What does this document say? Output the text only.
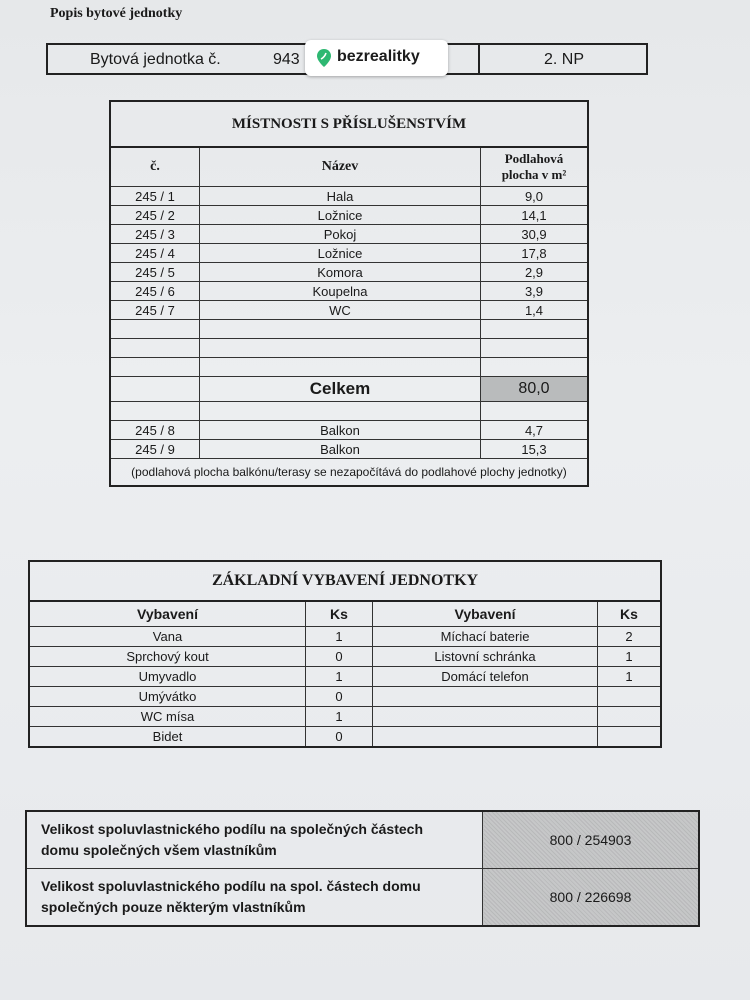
Popis bytové jednotky
Bytová jednotka č.	943	2. NP
bezrealitky
MÍSTNOSTI S PŘÍSLUŠENSTVÍM		
č.	Název	Podlahová
plocha v m²

245 / 1	Hala	9,0
245 / 2	Ložnice	14,1
245 / 3	Pokoj	30,9
245 / 4	Ložnice	17,8
245 / 5	Komora	2,9
245 / 6	Koupelna	3,9
245 / 7	WC	1,4

	Celkem	80,0

245 / 8	Balkon	4,7
245 / 9	Balkon	15,3
(podlahová plocha balkónu/terasy se nezapočítává do podlahové plochy jednotky)		
ZÁKLADNÍ VYBAVENÍ JEDNOTKY			
Vybavení	Ks	Vybavení	Ks
Vana	1	Míchací baterie	2
Sprchový kout	0	Listovní schránka	1
Umyvadlo	1	Domácí telefon	1
Umývátko	0		
WC mísa	1		
Bidet	0		
Velikost spoluvlastnického podílu na společných částech
domu společných všem vlastníkům	800 / 254903

Velikost spoluvlastnického podílu na spol. částech domu
společných pouze některým vlastníkům	800 / 226698
